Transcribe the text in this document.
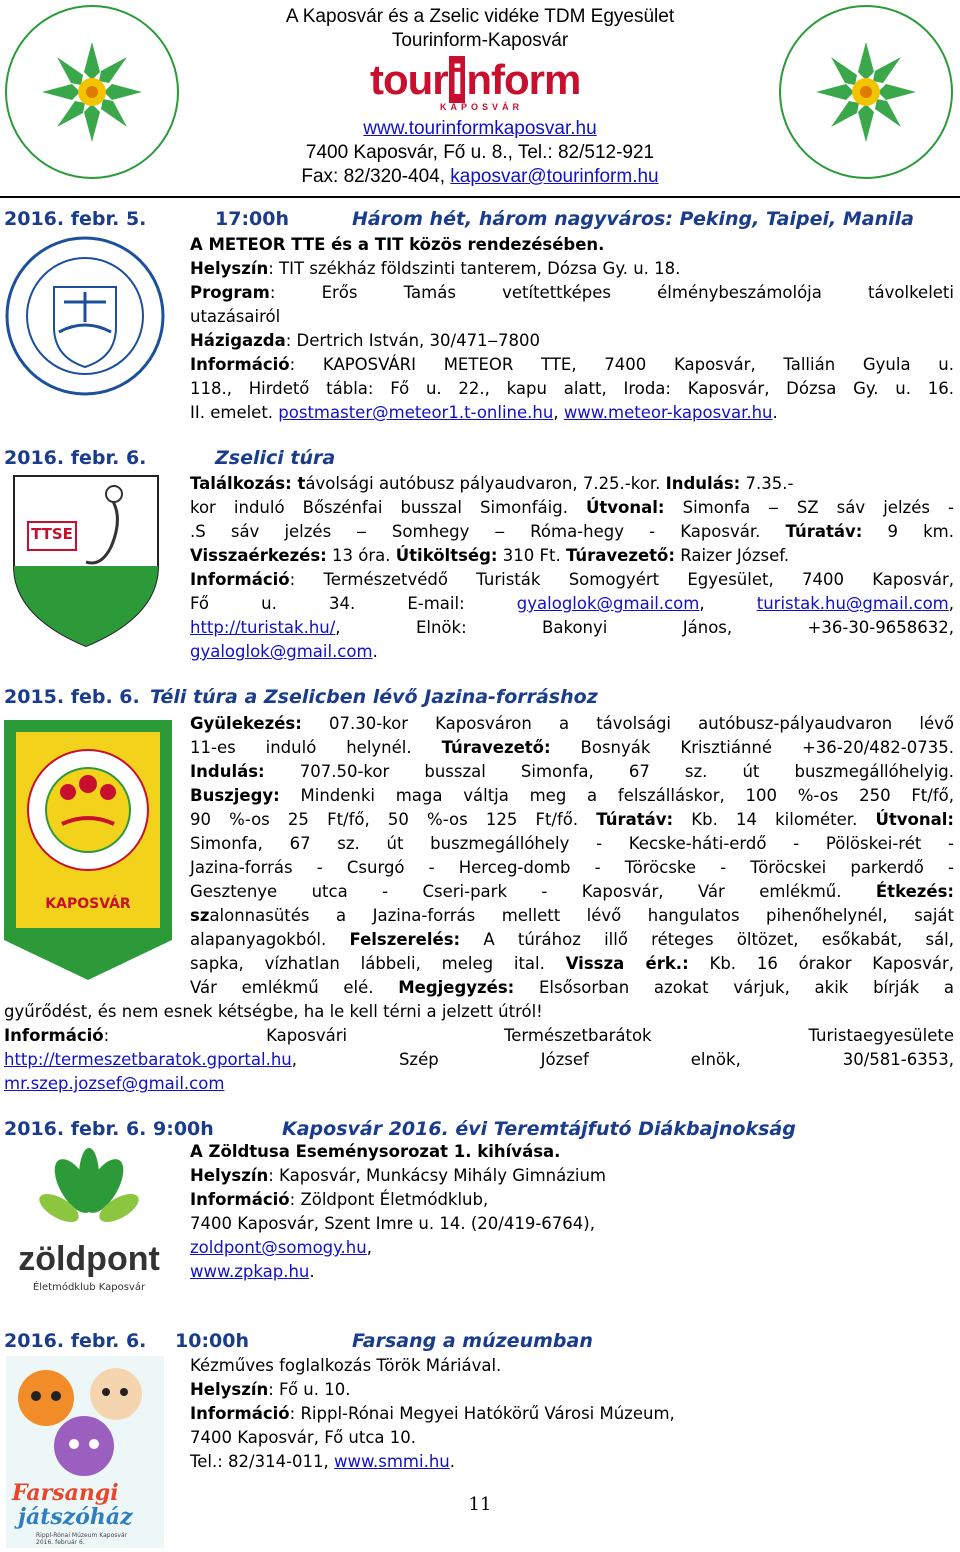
A Kaposvár és a Zselic vidéke TDM Egyesület
Tourinform-Kaposvár
tourinform
KAPOSVÁR
www.tourinformkaposvar.hu
7400 Kaposvár, Fő u. 8., Tel.: 82/512-921
Fax: 82/320-404, kaposvar@tourinform.hu
2016. febr. 5.	17:00h	Három hét, három nagyváros: Peking, Taipei, Manila
A METEOR TTE és a TIT közös rendezésében.
Helyszín: TIT székház földszinti tanterem, Dózsa Gy. u. 18.
Program: Erős Tamás vetítettképes élménybeszámolója távolkeleti
utazásairól
Házigazda: Dertrich István, 30/471‒7800
Információ: KAPOSVÁRI METEOR TTE, 7400 Kaposvár, Tallián Gyula u.
118., Hirdető tábla: Fő u. 22., kapu alatt, Iroda: Kaposvár, Dózsa Gy. u. 16.
II. emelet. postmaster@meteor1.t-online.hu, www.meteor-kaposvar.hu.
2016. febr. 6.	Zselici túra
TTSE
Találkozás: távolsági autóbusz pályaudvaron, 7.25.-kor. Indulás: 7.35.-
kor induló Bőszénfai busszal Simonfáig. Útvonal: Simonfa ‒ SZ sáv jelzés -
.S sáv jelzés ‒ Somhegy ‒ Róma-hegy - Kaposvár. Túratáv: 9 km.
Visszaérkezés: 13 óra. Útiköltség: 310 Ft. Túravezető: Raizer József.
Információ: Természetvédő Turisták Somogyért Egyesület, 7400 Kaposvár,
Fő u. 34. E-mail: gyaloglok@gmail.com, turistak.hu@gmail.com,
http://turistak.hu/, Elnök: Bakonyi János, +36-30-9658632,
gyaloglok@gmail.com.
2015. feb. 6. Téli túra a Zselicben lévő Jazina-forráshoz
KAPOSVÁR
Gyülekezés: 07.30-kor Kaposváron a távolsági autóbusz-pályaudvaron lévő
11-es induló helynél. Túravezető: Bosnyák Krisztiánné +36-20/482-0735.
Indulás: 707.50-kor busszal Simonfa, 67 sz. út buszmegállóhelyig.
Buszjegy: Mindenki maga váltja meg a felszálláskor, 100 %-os 250 Ft/fő,
90 %-os 25 Ft/fő, 50 %-os 125 Ft/fő. Túratáv: Kb. 14 kilométer. Útvonal:
Simonfa, 67 sz. út buszmegállóhely - Kecske-háti-erdő - Pölöskei-rét -
Jazina-forrás - Csurgó - Herceg-domb - Töröcske - Töröcskei parkerdő -
Gesztenye utca - Cseri-park - Kaposvár, Vár emlékmű. Étkezés:
szalonnasütés a Jazina-forrás mellett lévő hangulatos pihenőhelynél, saját
alapanyagokból. Felszerelés: A túrához illő réteges öltözet, esőkabát, sál,
sapka, vízhatlan lábbeli, meleg ital. Vissza érk.: Kb. 16 órakor Kaposvár,
Vár emlékmű elé. Megjegyzés: Elsősorban azokat várjuk, akik bírják a
gyűrődést, és nem esnek kétségbe, ha le kell térni a jelzett útról!
Információ: Kaposvári Természetbarátok Turistaegyesülete
http://termeszetbaratok.gportal.hu, Szép József elnök, 30/581-6353,
mr.szep.jozsef@gmail.com
2016. febr. 6. 9:00h	Kaposvár 2016. évi Teremtájfutó Diákbajnokság
zöldpont
Életmódklub Kaposvár
A Zöldtusa Eseménysorozat 1. kihívása.
Helyszín: Kaposvár, Munkácsy Mihály Gimnázium
Információ: Zöldpont Életmódklub,
7400 Kaposvár, Szent Imre u. 14. (20/419-6764),
zoldpont@somogy.hu,
www.zpkap.hu.
2016. febr. 6. 10:00h	Farsang a múzeumban
Farsangi
játszóház
Rippl-Rónai Múzeum Kaposvár 2016. február 6.
Kézműves foglalkozás Török Máriával.
Helyszín: Fő u. 10.
Információ: Rippl-Rónai Megyei Hatókörű Városi Múzeum,
7400 Kaposvár, Fő utca 10.
Tel.: 82/314-011, www.smmi.hu.
11
